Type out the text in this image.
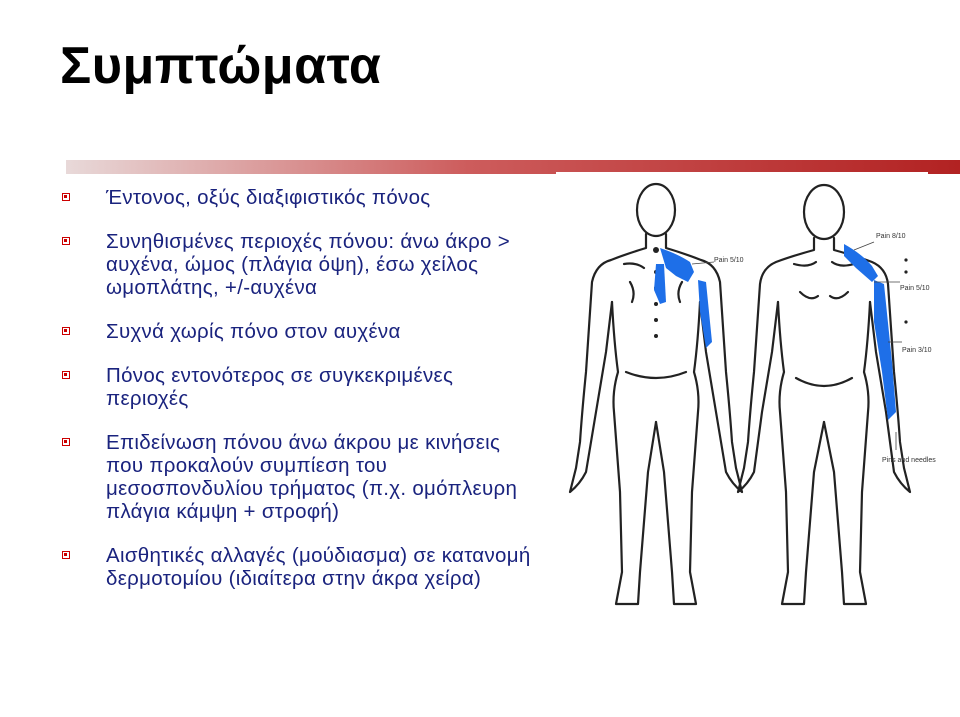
Συμπτώματα
Έντονος, οξύς διαξιφιστικός πόνος
Συνηθισμένες περιοχές πόνου: άνω άκρο > αυχένα, ώμος (πλάγια όψη), έσω χείλος ωμοπλάτης, +/-αυχένα
Συχνά χωρίς πόνο στον αυχένα
Πόνος εντονότερος σε συγκεκριμένες περιοχές
Επιδείνωση πόνου άνω άκρου με κινήσεις που προκαλούν συμπίεση του μεσοσπονδυλίου τρήματος (π.χ. ομόπλευρη πλάγια κάμψη + στροφή)
Αισθητικές αλλαγές (μούδιασμα) σε κατανομή δερμοτομίου (ιδιαίτερα στην άκρα χείρα)
Pain 5/10
Pain 8/10
Pain 5/10
Pain 3/10
Pins and needles
